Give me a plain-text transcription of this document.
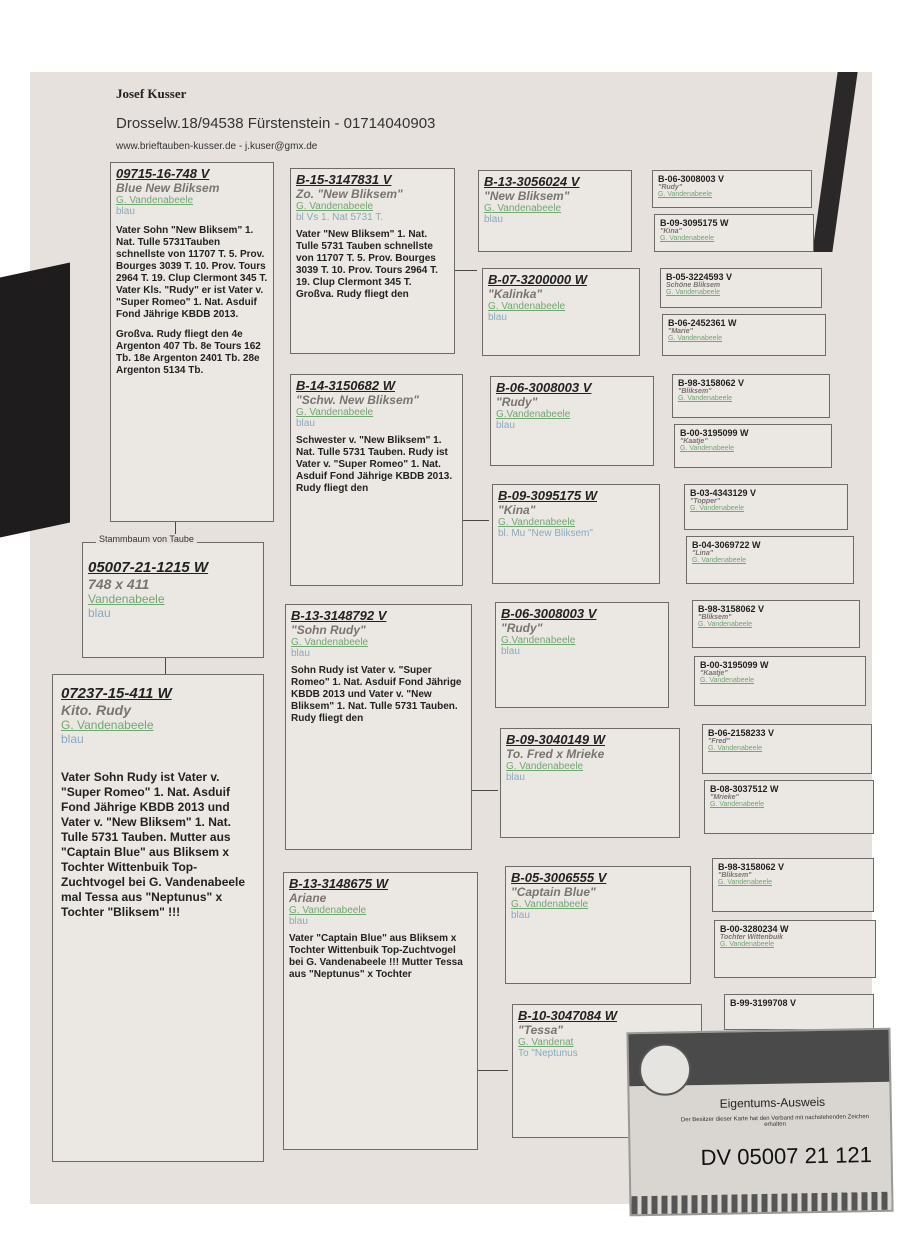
Josef Kusser
Drosselw.18/94538 Fürstenstein - 01714040903
www.brieftauben-kusser.de - j.kuser@gmx.de
09715-16-748 V
Blue New Bliksem
G. Vandenabeele
blau
Vater Sohn "New Bliksem" 1. Nat. Tulle 5731Tauben schnellste von 11707 T. 5. Prov. Bourges 3039 T. 10. Prov. Tours 2964 T. 19. Clup Clermont 345 T. Vater Kls. "Rudy" er ist Vater v. "Super Romeo" 1. Nat. Asduif Fond Jährige KBDB 2013.
Großva. Rudy fliegt den 4e Argenton 407 Tb. 8e Tours 162 Tb. 18e Argenton 2401 Tb. 28e Argenton 5134 Tb.
05007-21-1215 W
748 x 411
Vandenabeele
blau
Stammbaum von Taube
07237-15-411 W
Kito. Rudy
G. Vandenabeele
blau
Vater Sohn Rudy ist Vater v. "Super Romeo" 1. Nat. Asduif Fond Jährige KBDB 2013 und Vater v. "New Bliksem" 1. Nat. Tulle 5731 Tauben. Mutter aus "Captain Blue" aus Bliksem x Tochter Wittenbuik Top-Zuchtvogel bei G. Vandenabeele mal Tessa aus "Neptunus" x Tochter "Bliksem" !!!
B-15-3147831 V
Zo. "New Bliksem"
G. Vandenabeele
bl Vs 1. Nat 5731 T.
Vater "New Bliksem" 1. Nat. Tulle 5731 Tauben schnellste von 11707 T. 5. Prov. Bourges 3039 T. 10. Prov. Tours 2964 T. 19. Clup Clermont 345 T. Großva. Rudy fliegt den
B-14-3150682 W
"Schw. New Bliksem"
G. Vandenabeele
blau
Schwester v. "New Bliksem" 1. Nat. Tulle 5731 Tauben. Rudy ist Vater v. "Super Romeo" 1. Nat. Asduif Fond Jährige KBDB 2013. Rudy fliegt den
B-13-3148792 V
"Sohn Rudy"
G. Vandenabeele
blau
Sohn Rudy ist Vater v. "Super Romeo" 1. Nat. Asduif Fond Jährige KBDB 2013 und Vater v. "New Bliksem" 1. Nat. Tulle 5731 Tauben. Rudy fliegt den
B-13-3148675 W
Ariane
G. Vandenabeele
blau
Vater "Captain Blue" aus Bliksem x Tochter Wittenbuik Top-Zuchtvogel bei G. Vandenabeele !!! Mutter Tessa aus "Neptunus" x Tochter
B-13-3056024 V
"New Bliksem"
G. Vandenabeele
blau
B-07-3200000 W
"Kalinka"
G. Vandenabeele
blau
B-06-3008003 V
"Rudy"
G.Vandenabeele
blau
B-09-3095175 W
"Kina"
G. Vandenabeele
bl. Mu "New Bliksem"
B-06-3008003 V
"Rudy"
G.Vandenabeele
blau
B-09-3040149 W
To. Fred x Mrieke
G. Vandenabeele
blau
B-05-3006555 V
"Captain Blue"
G. Vandenabeele
blau
B-10-3047084 W
"Tessa"
G. Vandenat
To "Neptunus
B-06-3008003 V
"Rudy"
G. Vandenabeele
B-09-3095175 W
"Kina"
G. Vandenabeele
B-05-3224593 V
Schöne Bliksem
G. Vandenabeele
B-06-2452361 W
"Marie"
G. Vandenabeele
B-98-3158062 V
"Bliksem"
G. Vandenabeele
B-00-3195099 W
"Kaatje"
G. Vandenabeele
B-03-4343129 V
"Topper"
G. Vandenabeele
B-04-3069722 W
"Lina"
G. Vandenabeele
B-98-3158062 V
"Bliksem"
G. Vandenabeele
B-00-3195099 W
"Kaatje"
G. Vandenabeele
B-06-2158233 V
"Fred"
G. Vandenabeele
B-08-3037512 W
"Mrieke"
G. Vandenabeele
B-98-3158062 V
"Bliksem"
G. Vandenabeele
B-00-3280234 W
Tochter Wittenbuik
G. Vandenabeele
B-99-3199708 V
Eigentums-Ausweis
Der Besitzer dieser Karte hat den Verband mit nachstehenden Zeichen erhalten
DV 05007 21 121
